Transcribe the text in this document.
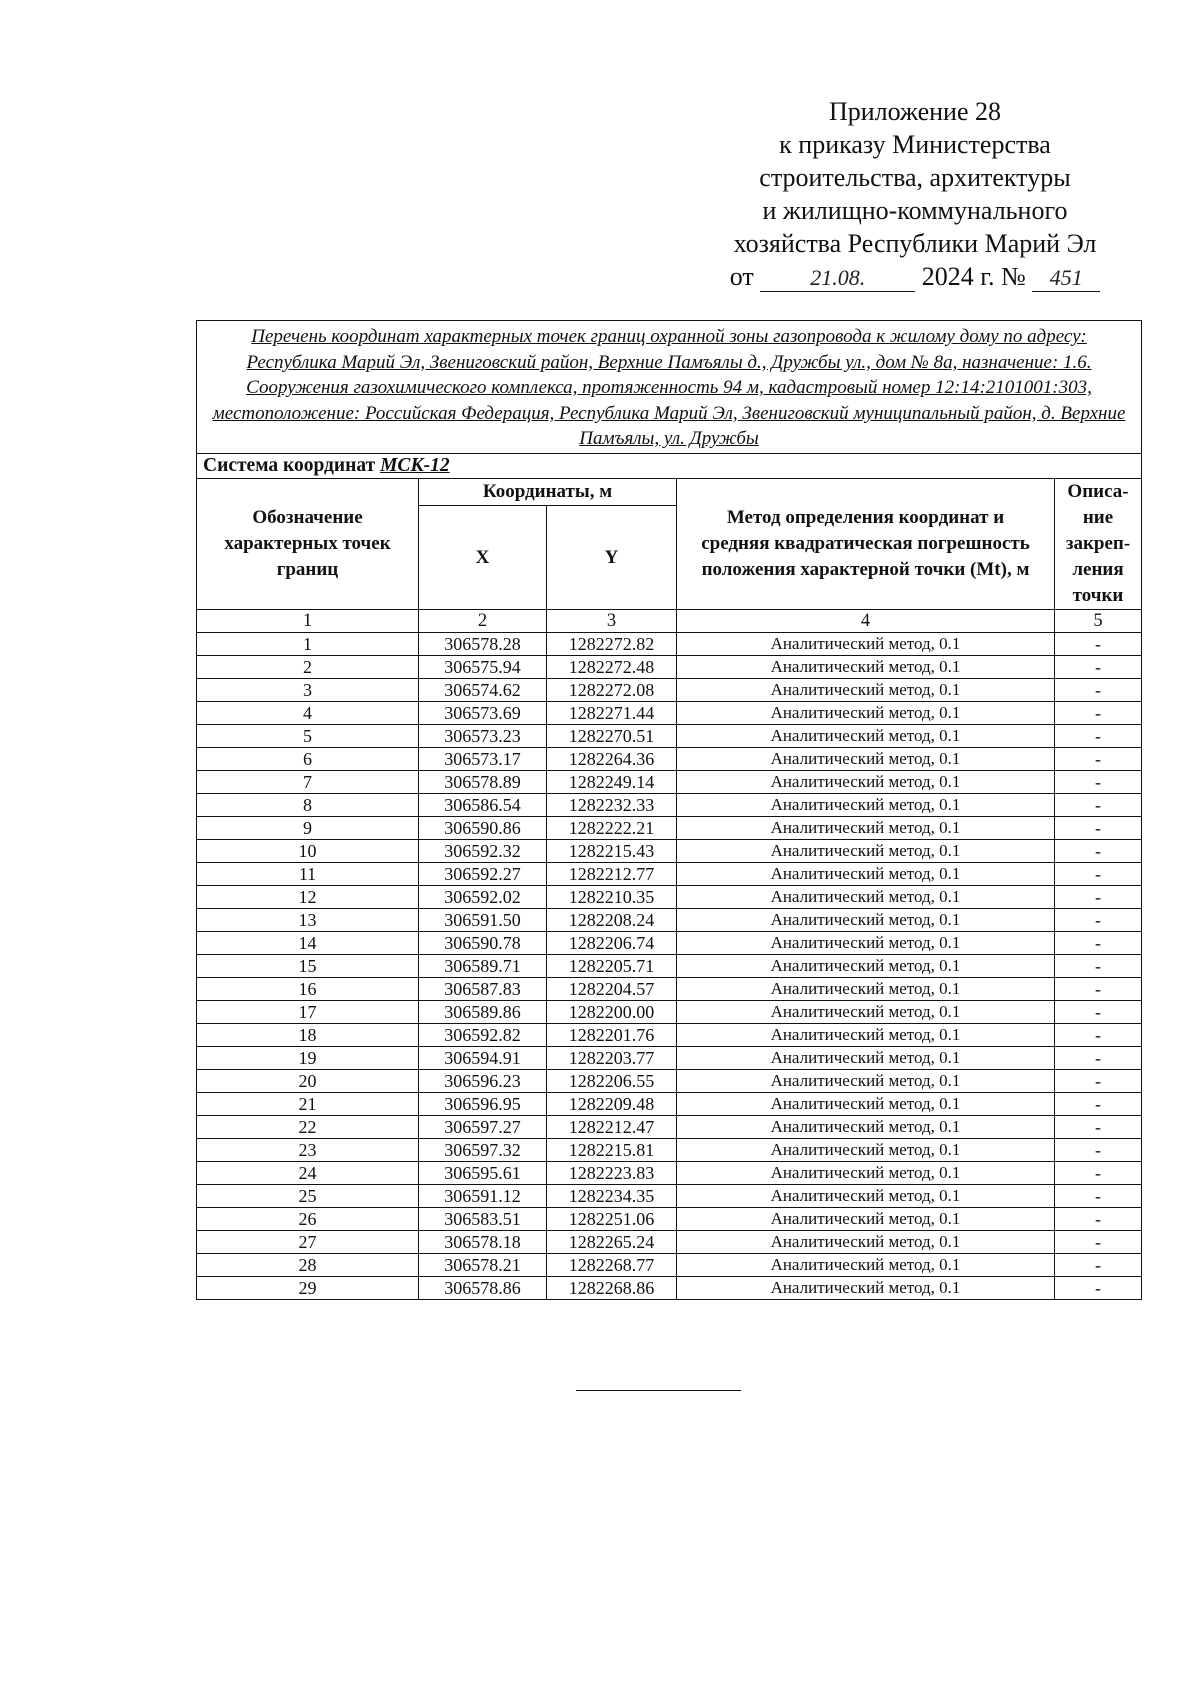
Приложение 28
к приказу Министерства
строительства, архитектуры
и жилищно-коммунального
хозяйства Республики Марий Эл
от	21.08. 2024 г. № 451
Перечень координат характерных точек границ охранной зоны газопровода к жилому дому по адресу: Республика Марий Эл, Звениговский район, Верхние Памъялы д., Дружбы ул., дом № 8а, назначение: 1.6. Сооружения газохимического комплекса, протяженность 94 м, кадастровый номер 12:14:2101001:303, местоположение: Российская Федерация, Республика Марий Эл, Звениговский муниципальный район, д. Верхние Памъялы, ул. Дружбы				
Система координат МСК-12				
Обозначение характерных точек границ	Координаты, м		Метод определения координат и средняя квадратическая погрешность положения характерной точки (Mt), м	Описа-ние закреп-ления точки
	X	Y		
1	2	3	4	5
1	306578.28	1282272.82	Аналитический метод, 0.1	-
2	306575.94	1282272.48	Аналитический метод, 0.1	-
3	306574.62	1282272.08	Аналитический метод, 0.1	-
4	306573.69	1282271.44	Аналитический метод, 0.1	-
5	306573.23	1282270.51	Аналитический метод, 0.1	-
6	306573.17	1282264.36	Аналитический метод, 0.1	-
7	306578.89	1282249.14	Аналитический метод, 0.1	-
8	306586.54	1282232.33	Аналитический метод, 0.1	-
9	306590.86	1282222.21	Аналитический метод, 0.1	-
10	306592.32	1282215.43	Аналитический метод, 0.1	-
11	306592.27	1282212.77	Аналитический метод, 0.1	-
12	306592.02	1282210.35	Аналитический метод, 0.1	-
13	306591.50	1282208.24	Аналитический метод, 0.1	-
14	306590.78	1282206.74	Аналитический метод, 0.1	-
15	306589.71	1282205.71	Аналитический метод, 0.1	-
16	306587.83	1282204.57	Аналитический метод, 0.1	-
17	306589.86	1282200.00	Аналитический метод, 0.1	-
18	306592.82	1282201.76	Аналитический метод, 0.1	-
19	306594.91	1282203.77	Аналитический метод, 0.1	-
20	306596.23	1282206.55	Аналитический метод, 0.1	-
21	306596.95	1282209.48	Аналитический метод, 0.1	-
22	306597.27	1282212.47	Аналитический метод, 0.1	-
23	306597.32	1282215.81	Аналитический метод, 0.1	-
24	306595.61	1282223.83	Аналитический метод, 0.1	-
25	306591.12	1282234.35	Аналитический метод, 0.1	-
26	306583.51	1282251.06	Аналитический метод, 0.1	-
27	306578.18	1282265.24	Аналитический метод, 0.1	-
28	306578.21	1282268.77	Аналитический метод, 0.1	-
29	306578.86	1282268.86	Аналитический метод, 0.1	-
